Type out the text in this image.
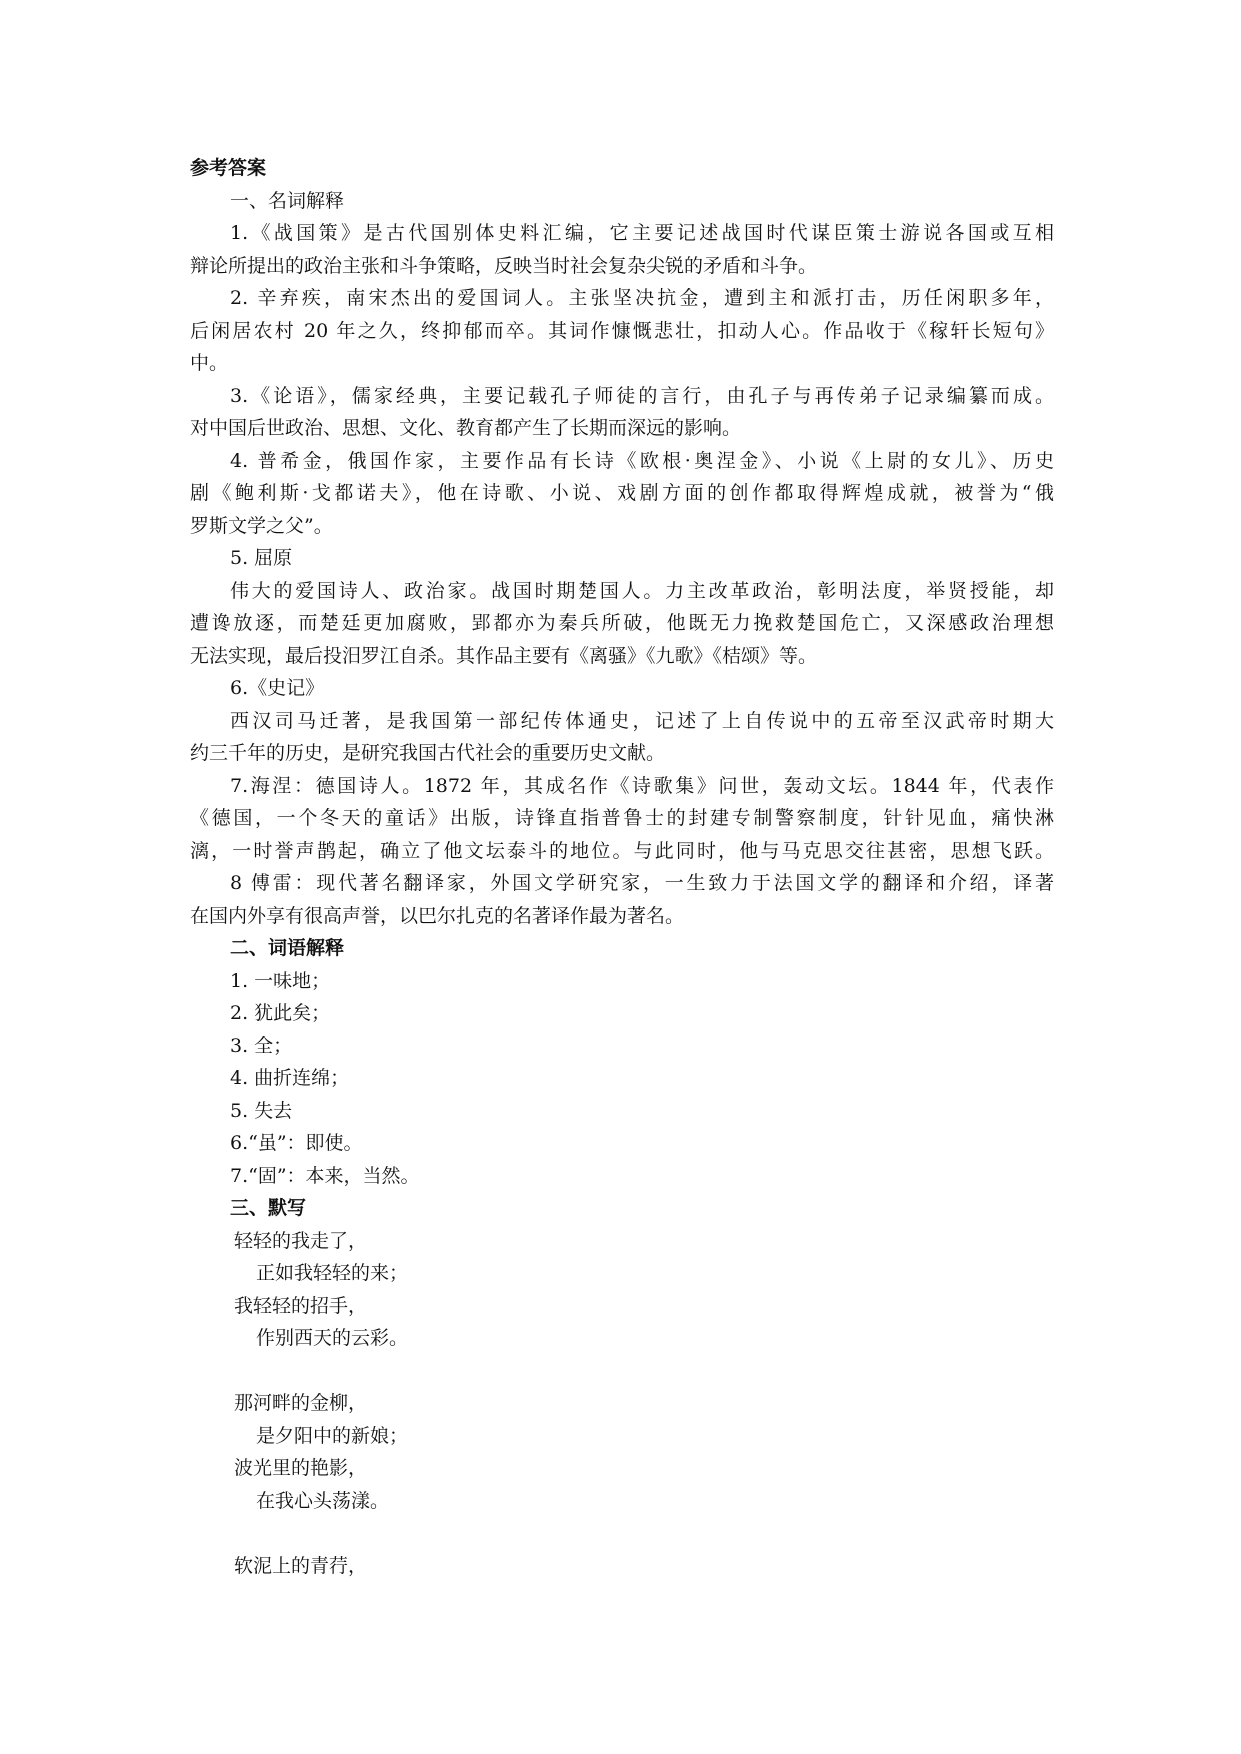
参考答案
一、名词解释
1.《战国策》是古代国别体史料汇编，它主要记述战国时代谋臣策士游说各国或互相
辩论所提出的政治主张和斗争策略，反映当时社会复杂尖锐的矛盾和斗争。
2. 辛弃疾，南宋杰出的爱国词人。主张坚决抗金，遭到主和派打击，历任闲职多年，
后闲居农村 20 年之久，终抑郁而卒。其词作慷慨悲壮，扣动人心。作品收于《稼轩长短句》
中。
3.《论语》，儒家经典，主要记载孔子师徒的言行，由孔子与再传弟子记录编纂而成。
对中国后世政治、思想、文化、教育都产生了长期而深远的影响。
4. 普希金，俄国作家，主要作品有长诗《欧根·奥涅金》、小说《上尉的女儿》、历史
剧《鲍利斯·戈都诺夫》，他在诗歌、小说、戏剧方面的创作都取得辉煌成就，被誉为“俄
罗斯文学之父”。
5. 屈原
伟大的爱国诗人、政治家。战国时期楚国人。力主改革政治，彰明法度，举贤授能，却
遭谗放逐，而楚廷更加腐败，郢都亦为秦兵所破，他既无力挽救楚国危亡，又深感政治理想
无法实现，最后投汨罗江自杀。其作品主要有《离骚》《九歌》《桔颂》等。
6.《史记》
西汉司马迁著，是我国第一部纪传体通史，记述了上自传说中的五帝至汉武帝时期大
约三千年的历史，是研究我国古代社会的重要历史文献。
7.海涅：德国诗人。1872 年，其成名作《诗歌集》问世，轰动文坛。1844 年，代表作
《德国，一个冬天的童话》出版，诗锋直指普鲁士的封建专制警察制度，针针见血，痛快淋
漓，一时誉声鹊起，确立了他文坛泰斗的地位。与此同时，他与马克思交往甚密，思想飞跃。
8 傅雷：现代著名翻译家，外国文学研究家，一生致力于法国文学的翻译和介绍，译著
在国内外享有很高声誉，以巴尔扎克的名著译作最为著名。
二、词语解释
1. 一味地；
2. 犹此矣；
3. 全；
4. 曲折连绵；
5. 失去
6.“虽”：即使。
7.“固”：本来，当然。
三、默写
轻轻的我走了，
正如我轻轻的来；
我轻轻的招手，
作别西天的云彩。
那河畔的金柳，
是夕阳中的新娘；
波光里的艳影，
在我心头荡漾。
软泥上的青荇，
